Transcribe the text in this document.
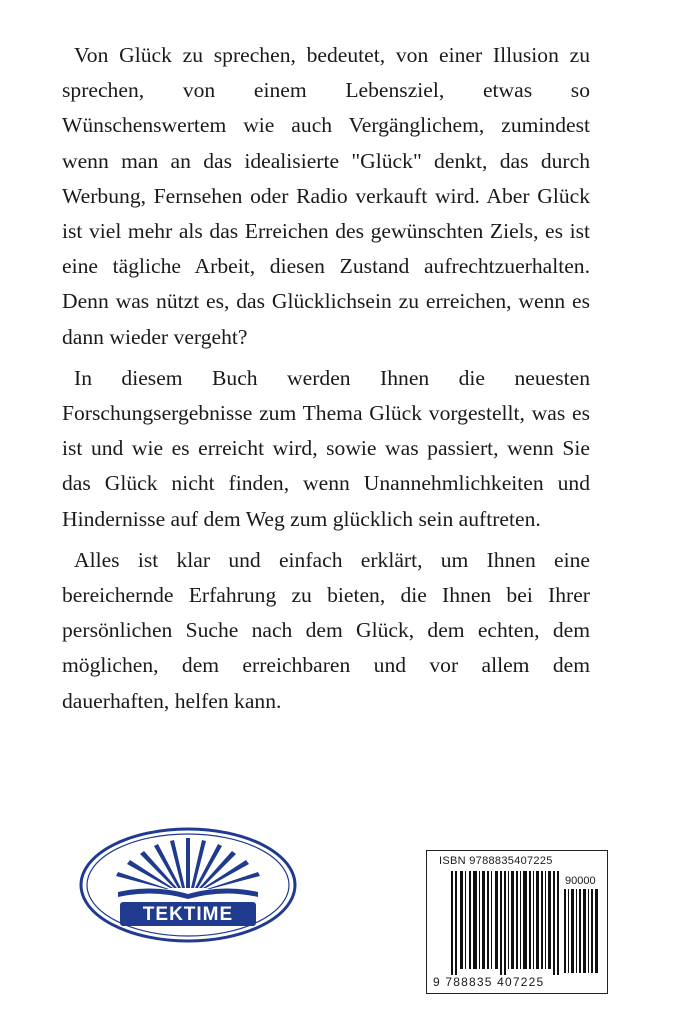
Von Glück zu sprechen, bedeutet, von einer Illusion zu sprechen, von einem Lebensziel, etwas so Wünschenswertem wie auch Vergänglichem, zumindest wenn man an das idealisierte "Glück" denkt, das durch Werbung, Fernsehen oder Radio verkauft wird. Aber Glück ist viel mehr als das Erreichen des gewünschten Ziels, es ist eine tägliche Arbeit, diesen Zustand aufrechtzuerhalten. Denn was nützt es, das Glücklichsein zu erreichen, wenn es dann wieder vergeht?

In diesem Buch werden Ihnen die neuesten Forschungsergebnisse zum Thema Glück vorgestellt, was es ist und wie es erreicht wird, sowie was passiert, wenn Sie das Glück nicht finden, wenn Unannehmlichkeiten und Hindernisse auf dem Weg zum glücklich sein auftreten.

Alles ist klar und einfach erklärt, um Ihnen eine bereichernde Erfahrung zu bieten, die Ihnen bei Ihrer persönlichen Suche nach dem Glück, dem echten, dem möglichen, dem erreichbaren und vor allem dem dauerhaften, helfen kann.

TEKTIME
ISBN 9788835407225
90000
9 788835 407225
